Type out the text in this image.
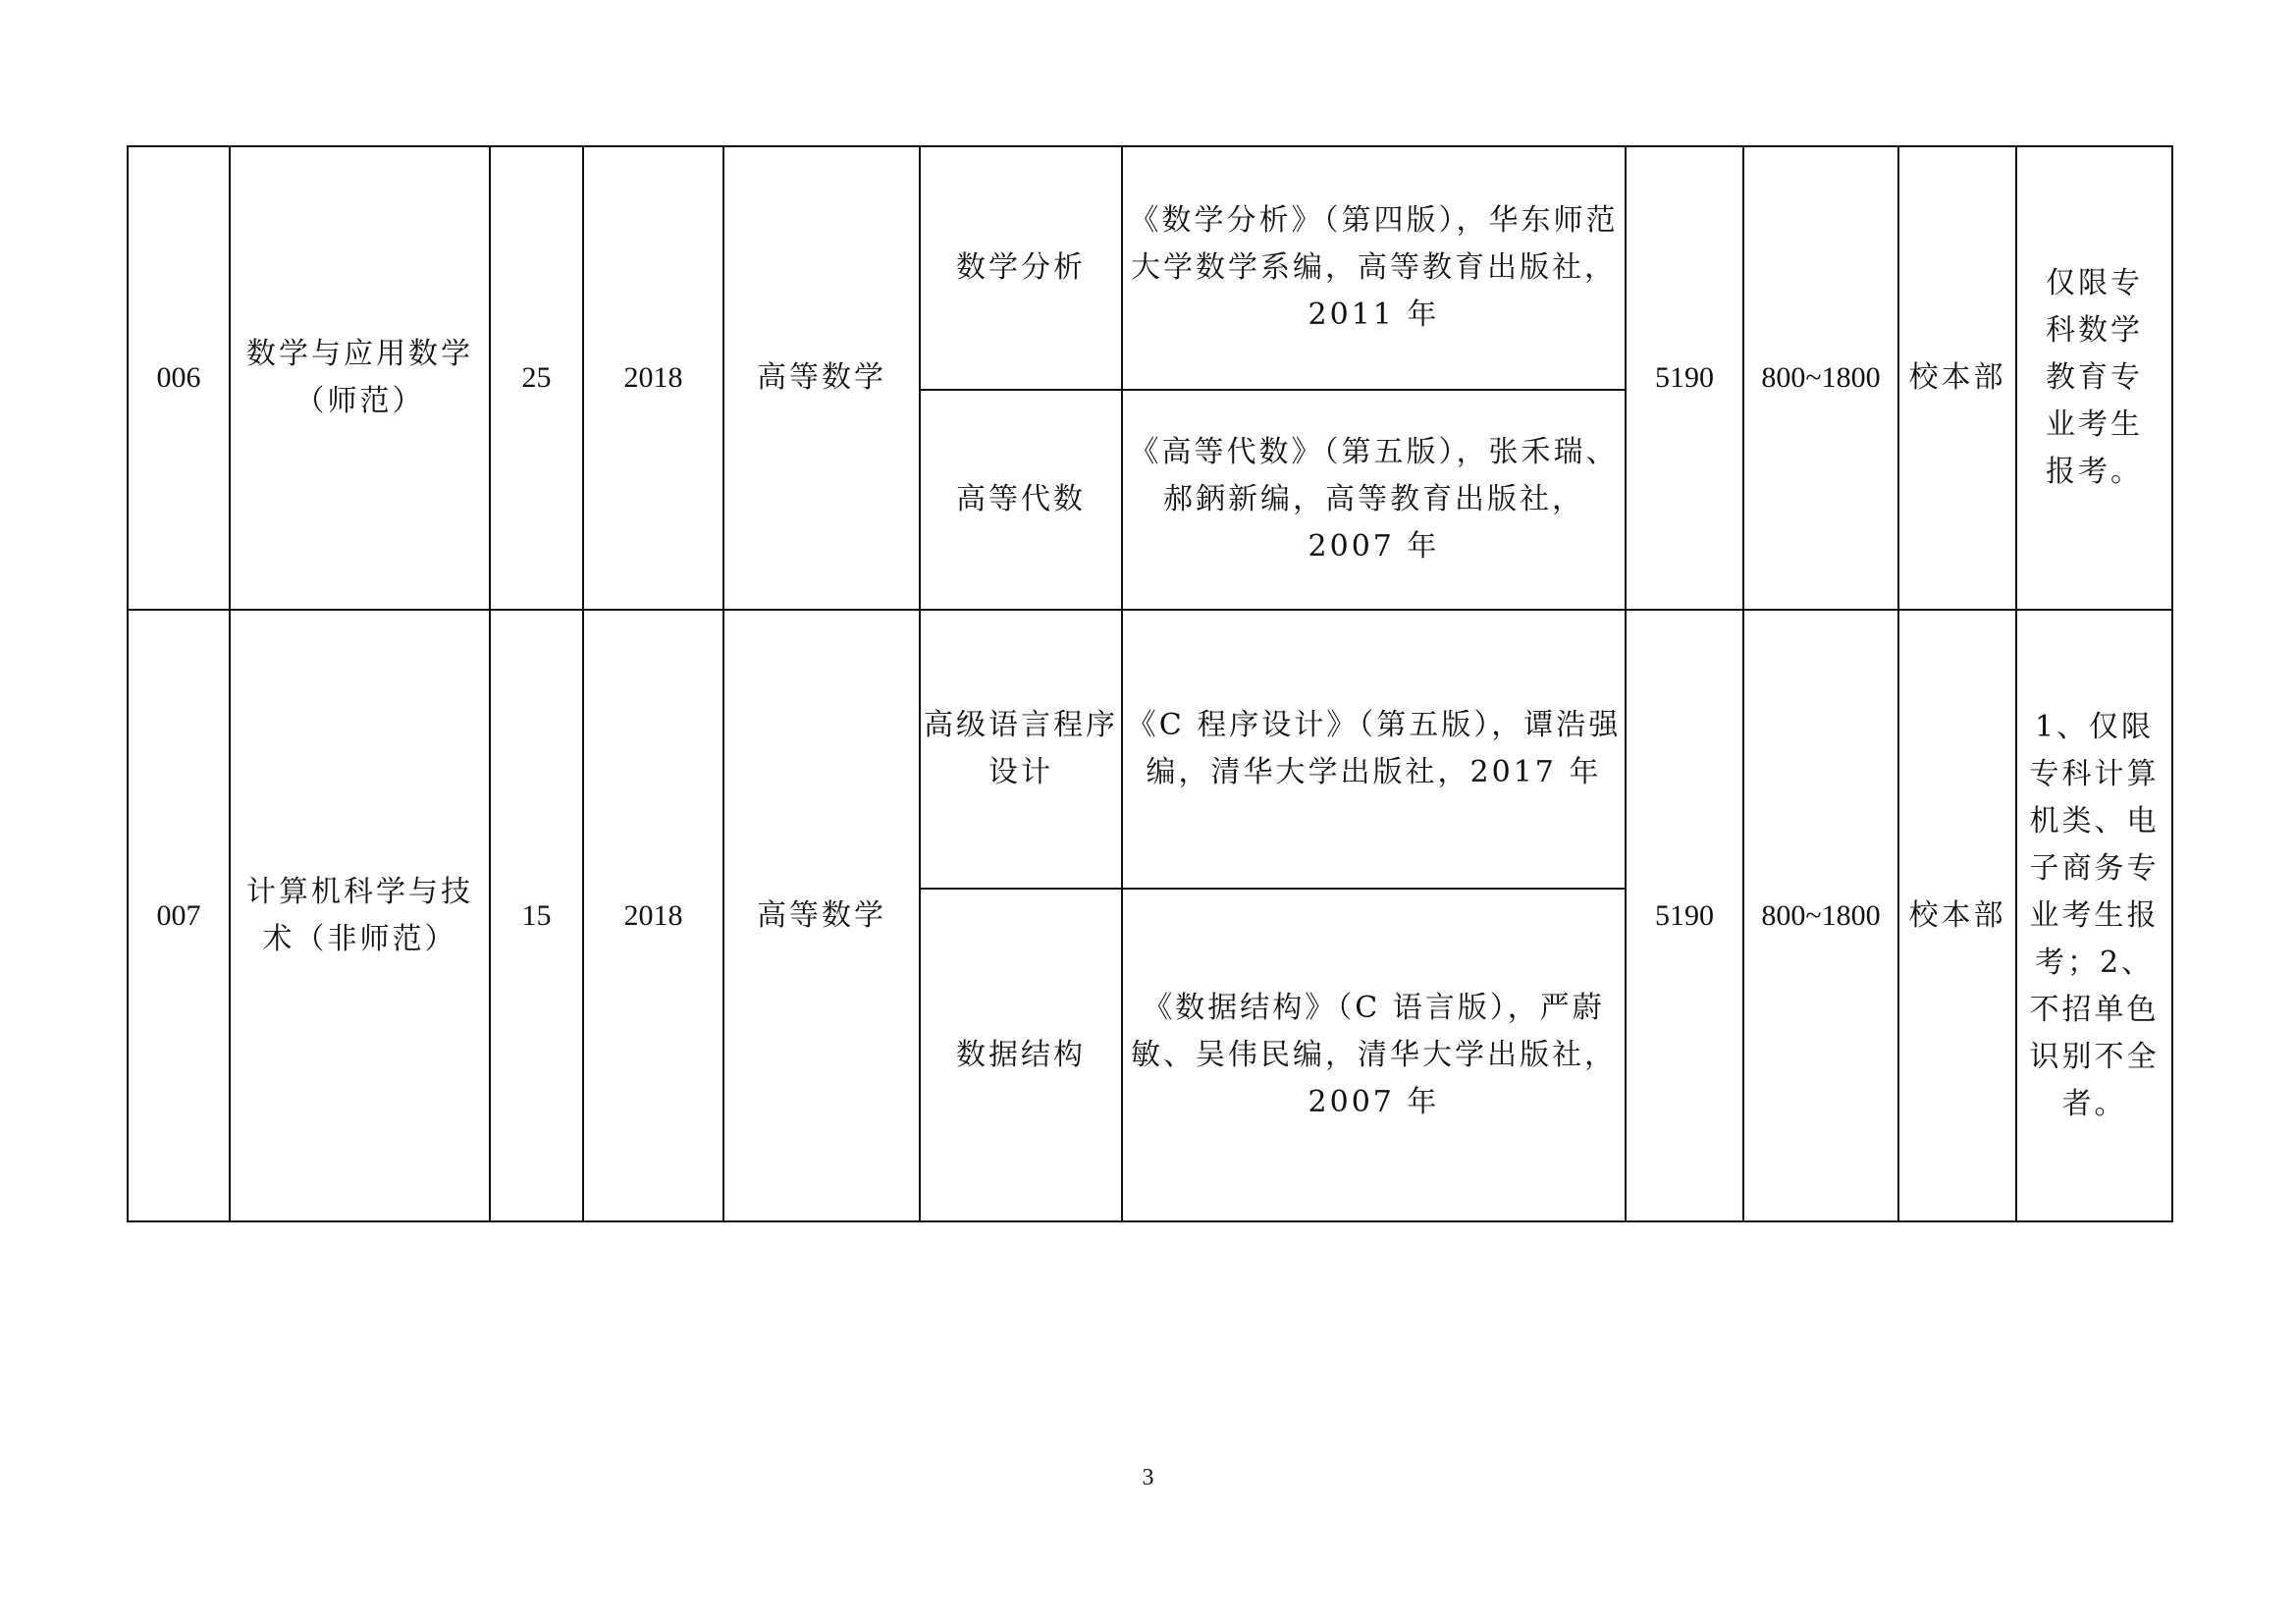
006	数学与应用数学（师范）	25	2018	高等数学	数学分析	《数学分析》（第四版），华东师范大学数学系编，高等教育出版社，2011 年	5190	800~1800	校本部	仅限专科数学教育专业考生报考。

					高等代数	《高等代数》（第五版），张禾瑞、郝鈵新编，高等教育出版社，2007 年				
007	计算机科学与技术（非师范）	15	2018	高等数学	高级语言程序设计	《C 程序设计》（第五版），谭浩强编，清华大学出版社，2017 年	5190	800~1800	校本部	1、仅限专科计算机类、电子商务专业考生报考；2、不招单色识别不全者。

					数据结构	《数据结构》（C 语言版），严蔚敏、吴伟民编，清华大学出版社，2007 年				
3
